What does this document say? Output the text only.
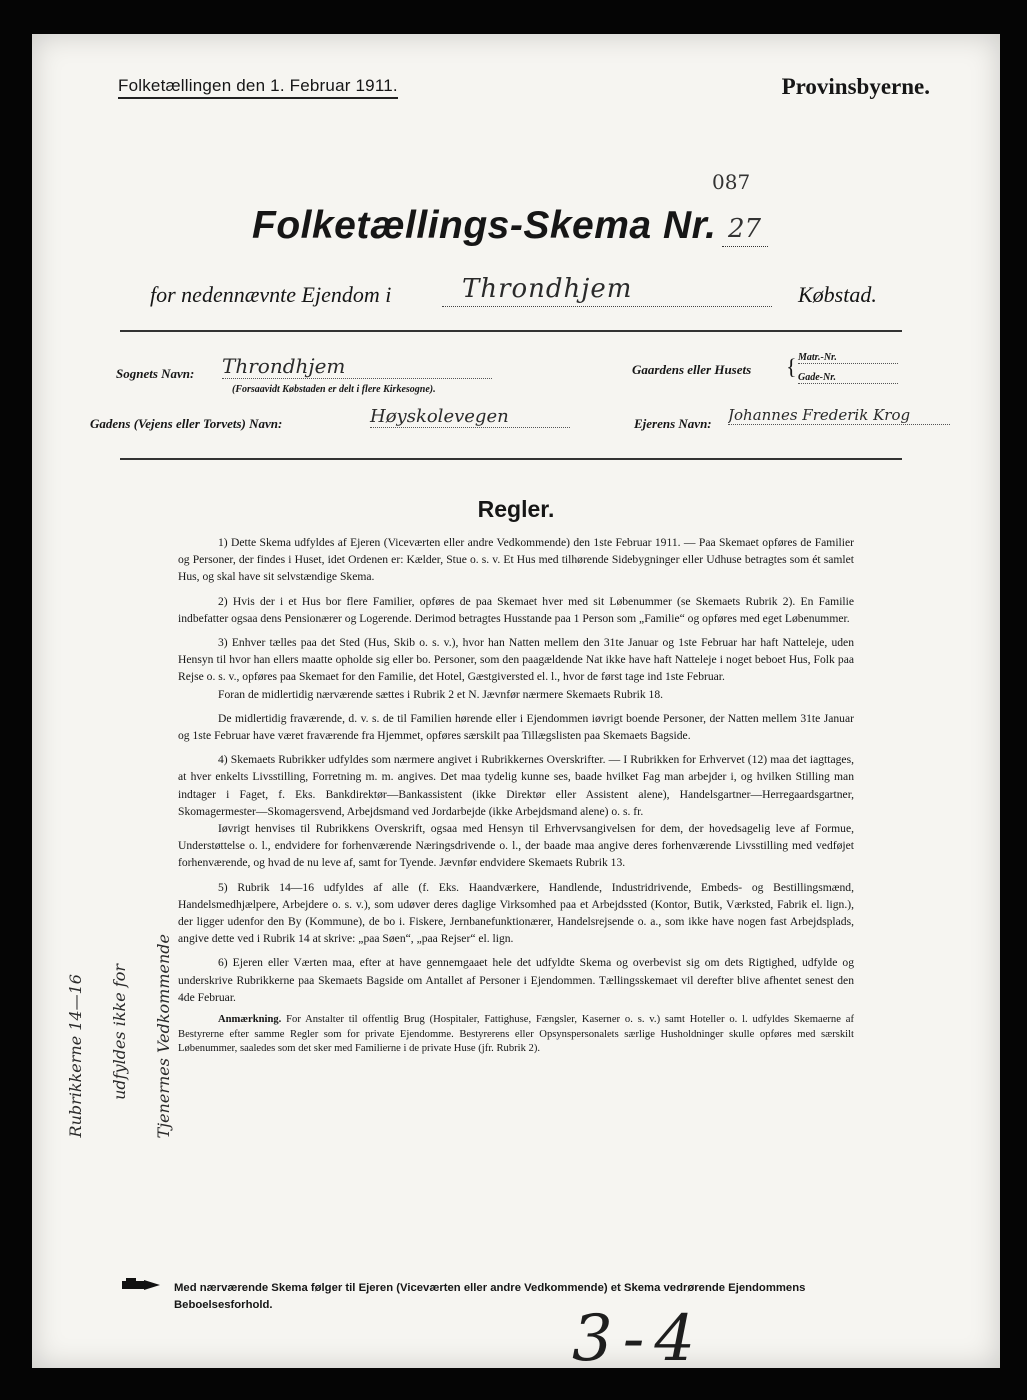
Folketællingen den 1. Februar 1911.	Provinsbyerne.
087
Folketællings-Skema Nr. 27
for nedennævnte Ejendom i	Throndhjem	Købstad.
Sognets Navn: Throndhjem
(Forsaavidt Købstaden er delt i flere Kirkesogne).
Gaardens eller Husets { Matr.-Nr.
Gade-Nr.
Gadens (Vejens eller Torvets) Navn:	Høyskolevegen	Ejerens Navn: Johannes Frederik Krog
Regler.

1) Dette Skema udfyldes af Ejeren (Viceværten eller andre Vedkommende) den 1ste Februar 1911. — Paa Skemaet opføres de Familier og Personer, der findes i Huset, idet Ordenen er: Kælder, Stue o. s. v. Et Hus med tilhørende Sidebygninger eller Udhuse betragtes som ét samlet Hus, og skal have sit selvstændige Skema.

2) Hvis der i et Hus bor flere Familier, opføres de paa Skemaet hver med sit Løbenummer (se Skemaets Rubrik 2). En Familie indbefatter ogsaa dens Pensionærer og Logerende. Derimod betragtes Husstande paa 1 Person som „Familie“ og opføres med eget Løbenummer.

3) Enhver tælles paa det Sted (Hus, Skib o. s. v.), hvor han Natten mellem den 31te Januar og 1ste Februar har haft Natteleje, uden Hensyn til hvor han ellers maatte opholde sig eller bo. Personer, som den paagældende Nat ikke have haft Natteleje i noget beboet Hus, Folk paa Rejse o. s. v., opføres paa Skemaet for den Familie, det Hotel, Gæstgiversted el. l., hvor de først tage ind 1ste Februar.

Foran de midlertidig nærværende sættes i Rubrik 2 et N. Jævnfør nærmere Skemaets Rubrik 18.

De midlertidig fraværende, d. v. s. de til Familien hørende eller i Ejendommen iøvrigt boende Personer, der Natten mellem 31te Januar og 1ste Februar have været fraværende fra Hjemmet, opføres særskilt paa Tillægslisten paa Skemaets Bagside.

4) Skemaets Rubrikker udfyldes som nærmere angivet i Rubrikkernes Overskrifter. — I Rubrikken for Erhvervet (12) maa det iagttages, at hver enkelts Livsstilling, Forretning m. m. angives. Det maa tydelig kunne ses, baade hvilket Fag man arbejder i, og hvilken Stilling man indtager i Faget, f. Eks. Bankdirektør—Bankassistent (ikke Direktør eller Assistent alene), Handelsgartner—Herregaardsgartner, Skomagermester—Skomagersvend, Arbejdsmand ved Jordarbejde (ikke Arbejdsmand alene) o. s. fr.

Iøvrigt henvises til Rubrikkens Overskrift, ogsaa med Hensyn til Erhvervsangivelsen for dem, der hovedsagelig leve af Formue, Understøttelse o. l., endvidere for forhenværende Næringsdrivende o. l., der baade maa angive deres forhenværende Livsstilling med vedføjet forhenværende, og hvad de nu leve af, samt for Tyende. Jævnfør endvidere Skemaets Rubrik 13.

5) Rubrik 14—16 udfyldes af alle (f. Eks. Haandværkere, Handlende, Industridrivende, Embeds- og Bestillingsmænd, Handelsmedhjælpere, Arbejdere o. s. v.), som udøver deres daglige Virksomhed paa et Arbejdssted (Kontor, Butik, Værksted, Fabrik el. lign.), der ligger udenfor den By (Kommune), de bo i. Fiskere, Jernbanefunktionærer, Handelsrejsende o. a., som ikke have nogen fast Arbejdsplads, angive dette ved i Rubrik 14 at skrive: „paa Søen“, „paa Rejser“ el. lign.

6) Ejeren eller Værten maa, efter at have gennemgaaet hele det udfyldte Skema og overbevist sig om dets Rigtighed, udfylde og underskrive Rubrikkerne paa Skemaets Bagside om Antallet af Personer i Ejendommen. Tællingsskemaet vil derefter blive afhentet senest den 4de Februar.

Anmærkning. For Anstalter til offentlig Brug (Hospitaler, Fattighuse, Fængsler, Kaserner o. s. v.) samt Hoteller o. l. udfyldes Skemaerne af Bestyrerne efter samme Regler som for private Ejendomme. Bestyrerens eller Opsynspersonalets særlige Husholdninger skulle opføres med særskilt Løbenummer, saaledes som det sker med Familierne i de private Huse (jfr. Rubrik 2).

Rubrikkerne 14—16 udfyldes ikke for Tjenernes Vedkommende
Med nærværende Skema følger til Ejeren (Viceværten eller andre Vedkommende) et Skema vedrørende Ejendommens Beboelsesforhold.	3-4
